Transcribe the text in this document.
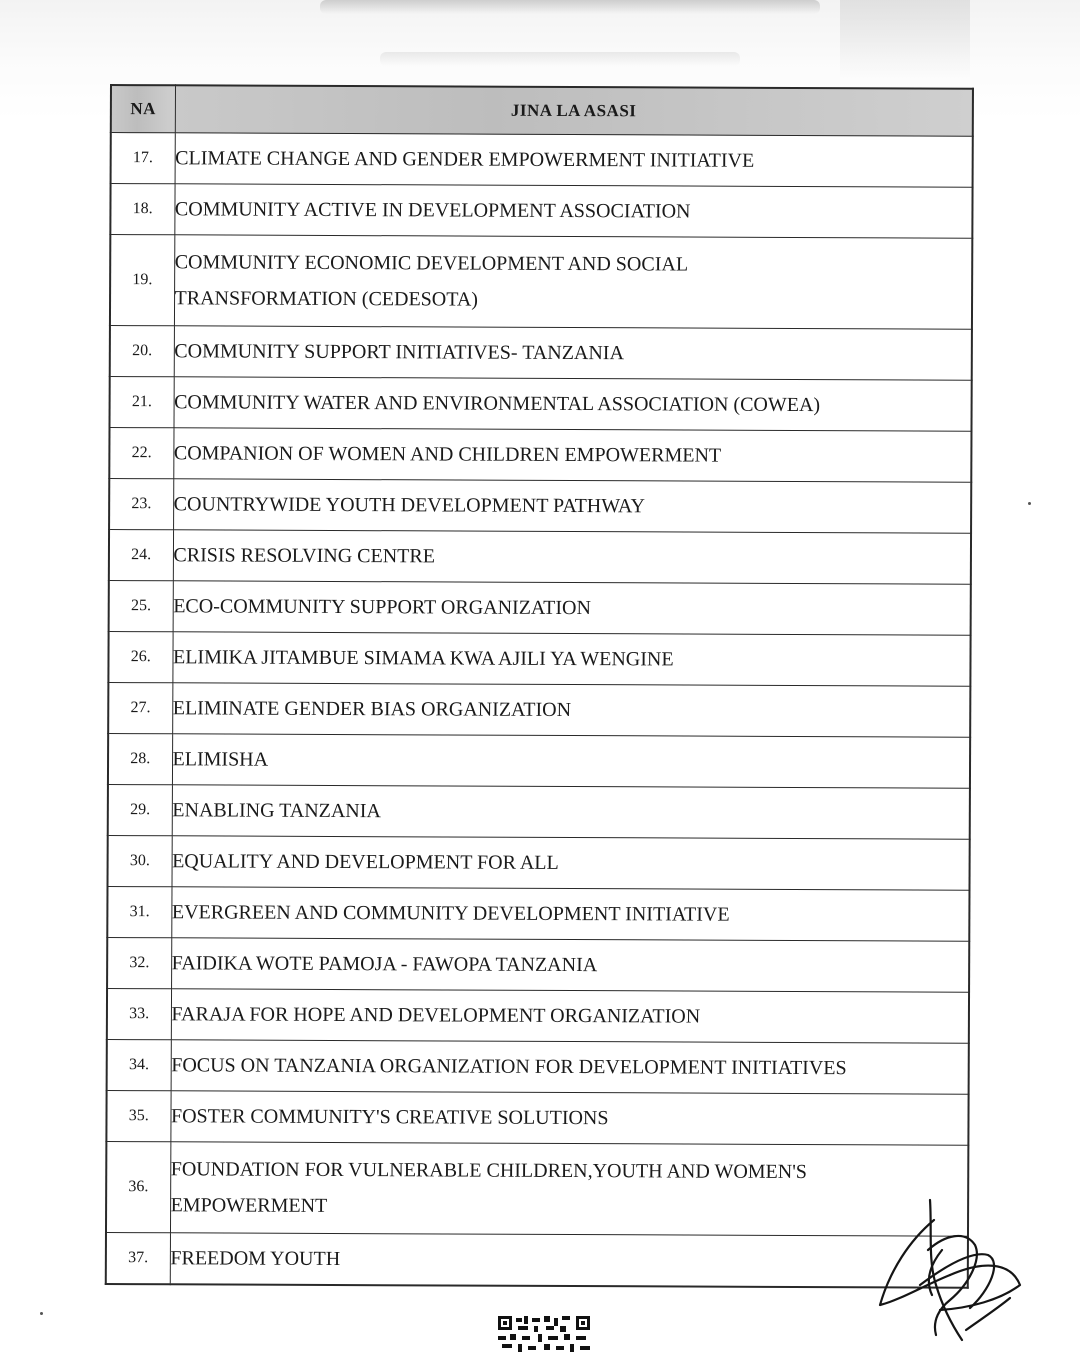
NA	JINA LA ASASI
17.	CLIMATE CHANGE AND GENDER EMPOWERMENT INITIATIVE
18.	COMMUNITY ACTIVE IN DEVELOPMENT ASSOCIATION
19.	COMMUNITY ECONOMIC DEVELOPMENT AND SOCIAL
TRANSFORMATION (CEDESOTA)

20.	COMMUNITY SUPPORT INITIATIVES- TANZANIA
21.	COMMUNITY WATER AND ENVIRONMENTAL ASSOCIATION (COWEA)
22.	COMPANION OF WOMEN AND CHILDREN EMPOWERMENT
23.	COUNTRYWIDE YOUTH DEVELOPMENT PATHWAY
24.	CRISIS RESOLVING CENTRE
25.	ECO-COMMUNITY SUPPORT ORGANIZATION
26.	ELIMIKA JITAMBUE SIMAMA KWA AJILI YA WENGINE
27.	ELIMINATE GENDER BIAS ORGANIZATION
28.	ELIMISHA
29.	ENABLING TANZANIA
30.	EQUALITY AND DEVELOPMENT FOR ALL
31.	EVERGREEN AND COMMUNITY DEVELOPMENT INITIATIVE
32.	FAIDIKA WOTE PAMOJA - FAWOPA TANZANIA
33.	FARAJA FOR HOPE AND DEVELOPMENT ORGANIZATION
34.	FOCUS ON TANZANIA ORGANIZATION FOR DEVELOPMENT INITIATIVES
35.	FOSTER COMMUNITY'S CREATIVE SOLUTIONS
36.	FOUNDATION FOR VULNERABLE CHILDREN,YOUTH AND WOMEN'S
EMPOWERMENT

37.	FREEDOM YOUTH
